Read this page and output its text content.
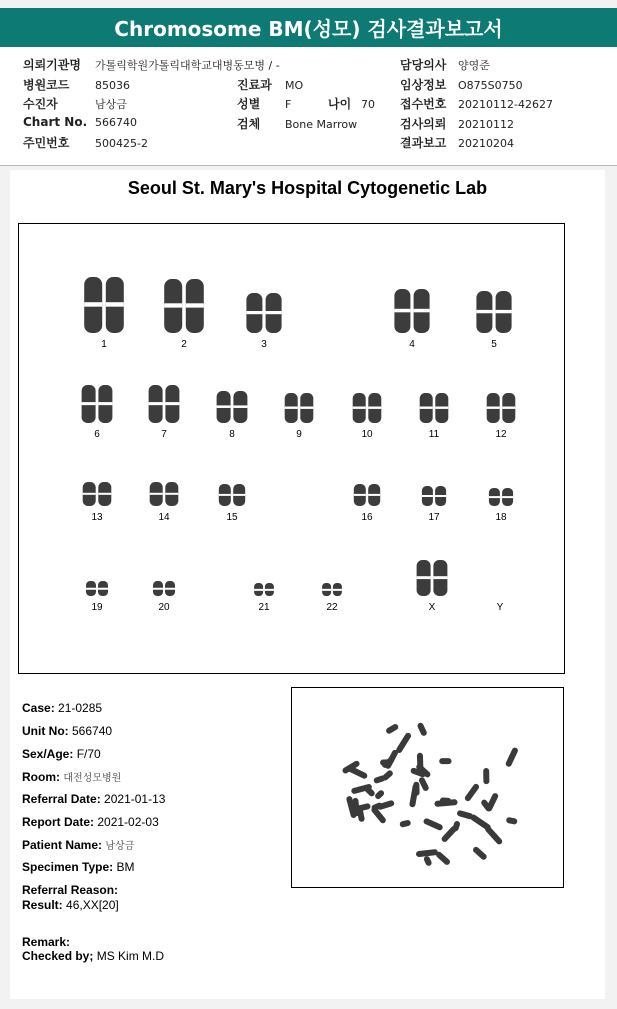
Chromosome BM(성모) 검사결과보고서
의뢰기관명 가톨릭학원가톨릭대학교대병동모병 / -
병원코드 85036
수진자	남상금
Chart No. 566740
주민번호 500425-2
진료과 MO
성별 F	나이 70
검체 Bone Marrow
담당의사 양영준
임상정보 O875S0750
접수번호 20210112-42627
검사의뢰 20210112
결과보고 20210204
Seoul St. Mary's Hospital Cytogenetic Lab
1	2	3	4	5
6	7	8	9	10	11	12
13	14	15	16	17	18
19	20	21	22	X	Y
Case: 21-0285
Unit No: 566740
Sex/Age: F/70
Room: 대전성모병원
Referral Date: 2021-01-13
Report Date: 2021-02-03
Patient Name: 남상금
Specimen Type: BM
Referral Reason:
Result: 46,XX[20]
Remark:
Checked by; MS Kim M.D
